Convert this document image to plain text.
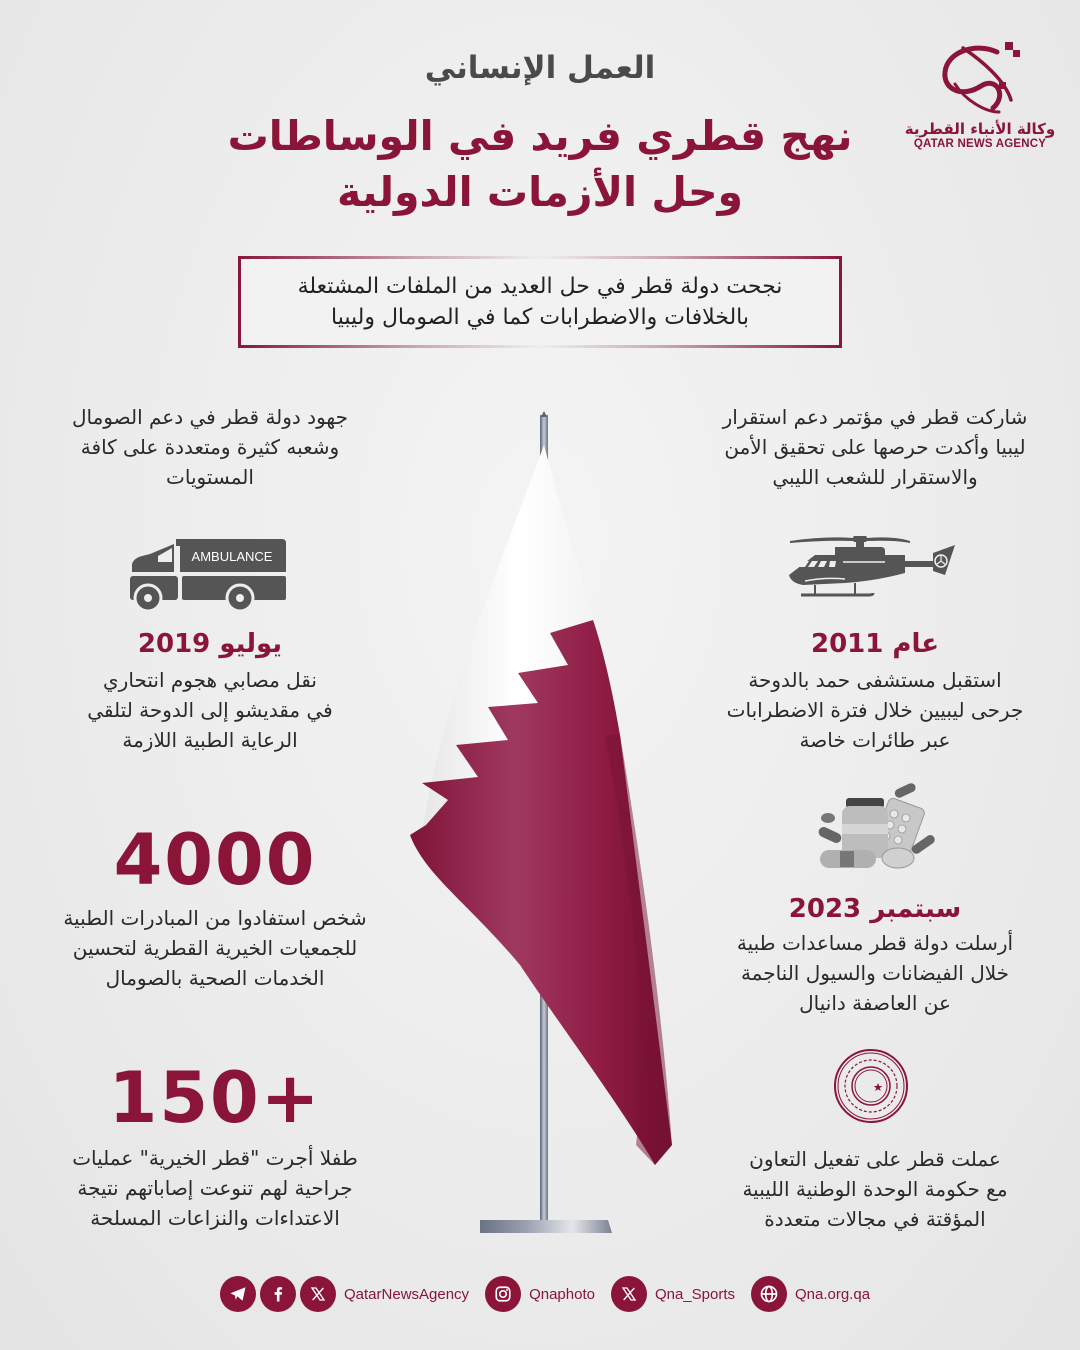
وكالة الأنباء القطرية
QATAR NEWS AGENCY
العمل الإنساني
نهج قطري فريد في الوساطات
وحل الأزمات الدولية
نجحت دولة قطر في حل العديد من الملفات المشتعلة
بالخلافات والاضطرابات كما في الصومال وليبيا
جهود دولة قطر في دعم الصومال
وشعبه كثيرة ومتعددة على كافة
المستويات
AMBULANCE
يوليو 2019
نقل مصابي هجوم انتحاري
في مقديشو إلى الدوحة لتلقي
الرعاية الطبية اللازمة
4000
شخص استفادوا من المبادرات الطبية
للجمعيات الخيرية القطرية لتحسين
الخدمات الصحية بالصومال
150+
طفلا أجرت "قطر الخيرية" عمليات
جراحية لهم تنوعت إصاباتهم نتيجة
الاعتداءات والنزاعات المسلحة
شاركت قطر في مؤتمر دعم استقرار
ليبيا وأكدت حرصها على تحقيق الأمن
والاستقرار للشعب الليبي
عام 2011
استقبل مستشفى حمد بالدوحة
جرحى ليبيين خلال فترة الاضطرابات
عبر طائرات خاصة
سبتمبر 2023
أرسلت دولة قطر مساعدات طبية
خلال الفيضانات والسيول الناجمة
عن العاصفة دانيال
عملت قطر على تفعيل التعاون
مع حكومة الوحدة الوطنية الليبية
المؤقتة في مجالات متعددة
QatarNewsAgency	Qnaphoto	Qna_Sports	Qna.org.qa
